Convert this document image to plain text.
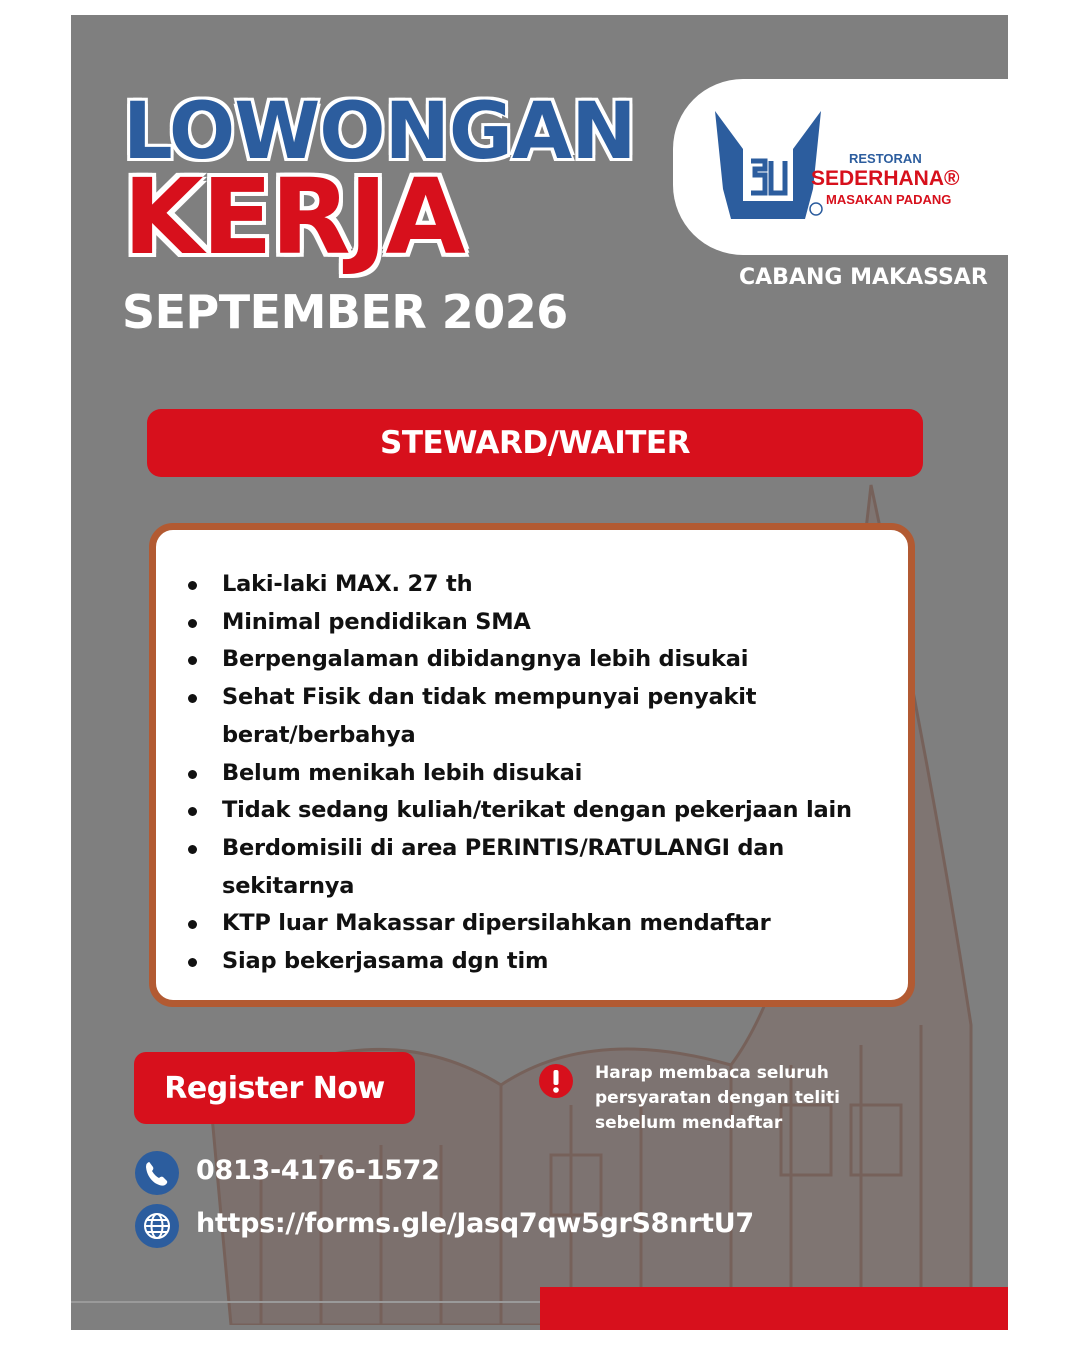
LOWONGAN
KERJA
SEPTEMBER 2026
RESTORAN
SEDERHANA®
MASAKAN PADANG
CABANG MAKASSAR
STEWARD/WAITER
Laki-laki MAX. 27 th
Minimal pendidikan SMA
Berpengalaman dibidangnya lebih disukai
Sehat Fisik dan tidak mempunyai penyakit berat/berbahya
Belum menikah lebih disukai
Tidak sedang kuliah/terikat dengan pekerjaan lain
Berdomisili di area PERINTIS/RATULANGI dan sekitarnya
KTP luar Makassar dipersilahkan mendaftar
Siap bekerjasama dgn tim
Register Now	Harap membaca seluruh persyaratan dengan teliti sebelum mendaftar
0813-4176-1572
https://forms.gle/Jasq7qw5grS8nrtU7
